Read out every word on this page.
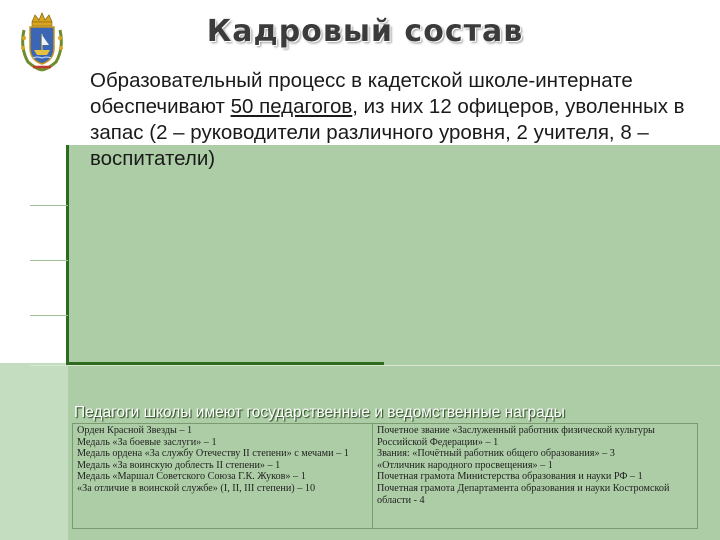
Кадровый состав
Образовательный процесс в кадетской школе-интернате обеспечивают 50 педагогов, из них 12 офицеров, уволенных в запас (2 – руководители различного уровня, 2 учителя, 8 – воспитатели)
Педагоги школы имеют государственные и ведомственные награды
Орден Красной Звезды – 1
Медаль «За боевые заслуги» – 1
Медаль ордена «За службу Отечеству II степени» с мечами – 1
Медаль «За воинскую доблесть II степени» – 1
Медаль «Маршал Советского Союза Г.К. Жуков» – 1
«За отличие в воинской службе» (I, II, III степени) – 10
Почетное звание «Заслуженный работник физической культуры Российской Федерации» – 1
Звания: «Почётный работник общего образования» – 3
«Отличник народного просвещения» – 1
Почетная грамота Министерства образования и науки РФ – 1
Почетная грамота Департамента образования и науки Костромской области - 4
